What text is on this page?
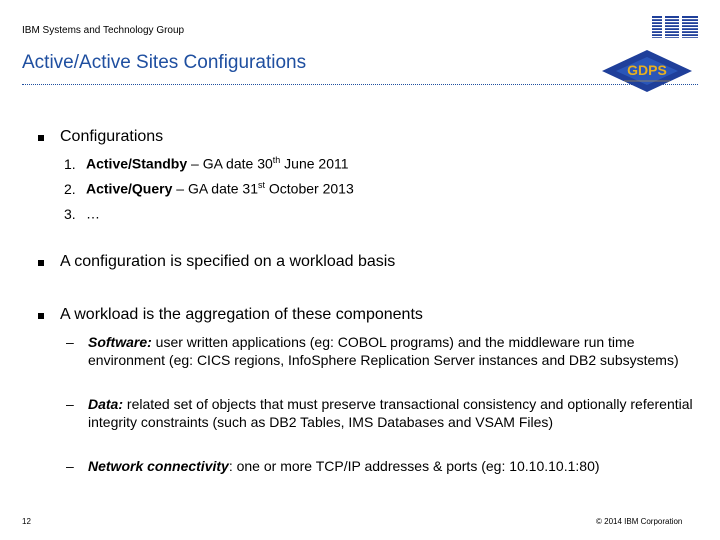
IBM Systems and Technology Group
Active/Active Sites Configurations	GDPS
Configurations
1. Active/Standby – GA date 30th June 2011
2. Active/Query – GA date 31st October 2013
3. …
A configuration is specified on a workload basis
A workload is the aggregation of these components
– Software: user written applications (eg: COBOL programs) and the middleware run time environment (eg: CICS regions, InfoSphere Replication Server instances and DB2 subsystems)
– Data: related set of objects that must preserve transactional consistency and optionally referential integrity constraints (such as DB2 Tables, IMS Databases and VSAM Files)
– Network connectivity: one or more TCP/IP addresses & ports (eg: 10.10.10.1:80)
12	© 2014 IBM Corporation
